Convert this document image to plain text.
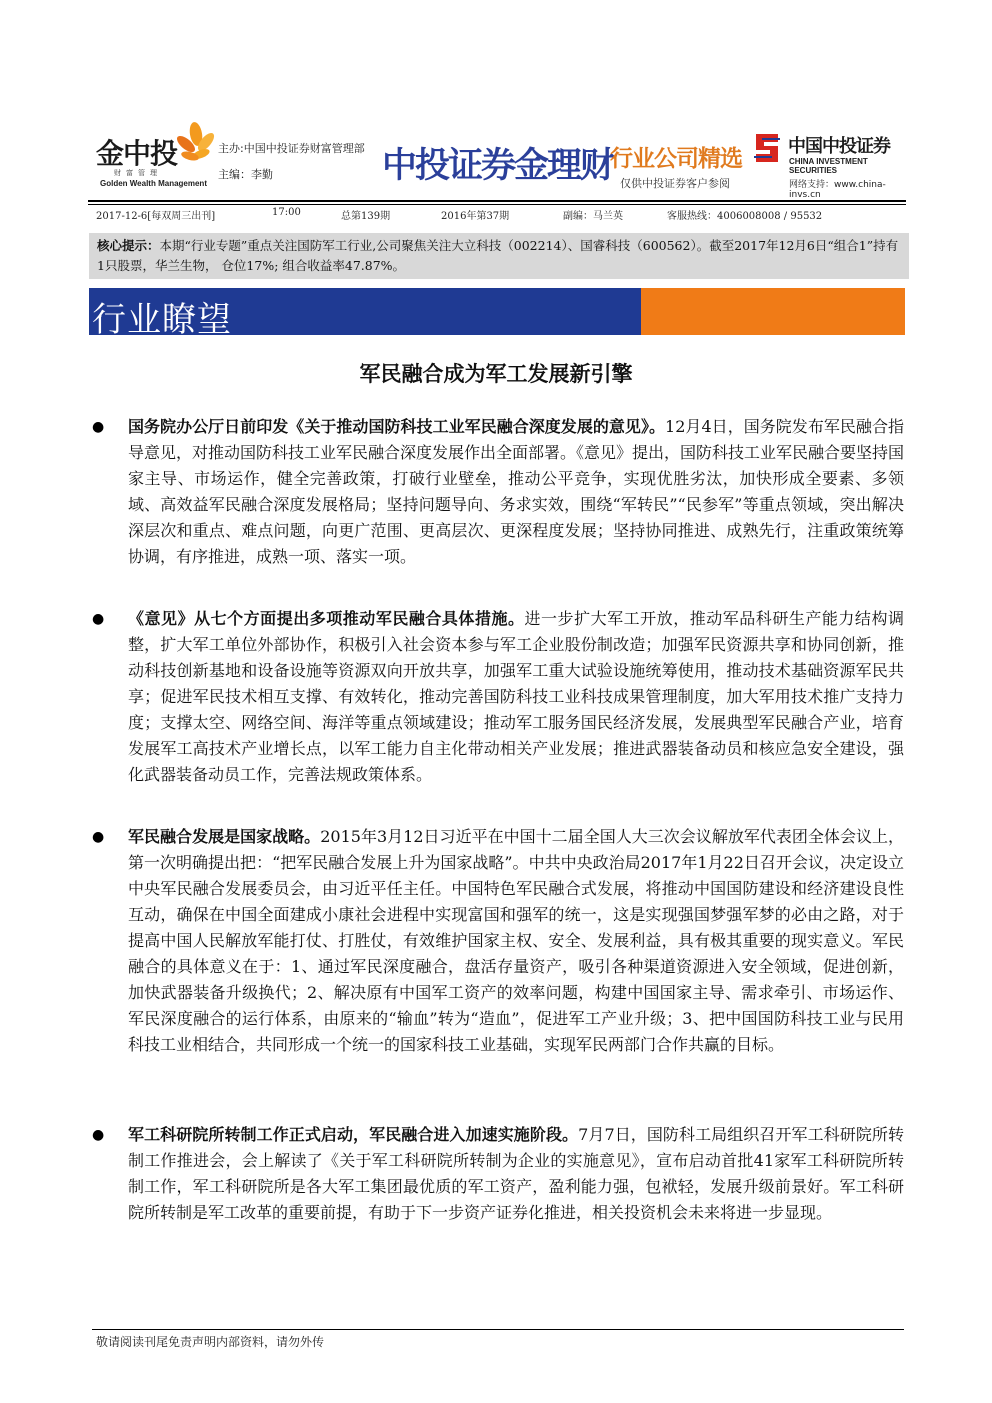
金中投
财富管理
Golden Wealth Management
主办:中国中投证券财富管理部
主编：李勤	中投证券金理财
行业公司精选
仅供中投证券客户参阅
中国中投证券
CHINA INVESTMENT SECURITIES
网络支持：www.china-invs.cn
2017-12-6[每双周三出刊]	17:00	总第139期	2016年第37期	副编：马兰英	客服热线：4006008008 / 95532
核心提示：本期“行业专题”重点关注国防军工行业,公司聚焦关注大立科技（002214）、国睿科技（600562）。截至2017年12月6日“组合1”持有1只股票，华兰生物， 仓位17%; 组合收益率47.87%。
行业瞭望
军民融合成为军工发展新引擎
● 国务院办公厅日前印发《关于推动国防科技工业军民融合深度发展的意见》。12月4日，国务院发布军民融合指导意见，对推动国防科技工业军民融合深度发展作出全面部署。《意见》提出，国防科技工业军民融合要坚持国家主导、市场运作，健全完善政策，打破行业壁垒，推动公平竞争，实现优胜劣汰，加快形成全要素、多领域、高效益军民融合深度发展格局；坚持问题导向、务求实效，围绕“军转民”“民参军”等重点领域，突出解决深层次和重点、难点问题，向更广范围、更高层次、更深程度发展；坚持协同推进、成熟先行，注重政策统筹协调，有序推进，成熟一项、落实一项。
● 《意见》从七个方面提出多项推动军民融合具体措施。进一步扩大军工开放，推动军品科研生产能力结构调整，扩大军工单位外部协作，积极引入社会资本参与军工企业股份制改造；加强军民资源共享和协同创新，推动科技创新基地和设备设施等资源双向开放共享，加强军工重大试验设施统筹使用，推动技术基础资源军民共享；促进军民技术相互支撑、有效转化，推动完善国防科技工业科技成果管理制度，加大军用技术推广支持力度；支撑太空、网络空间、海洋等重点领域建设；推动军工服务国民经济发展，发展典型军民融合产业，培育发展军工高技术产业增长点，以军工能力自主化带动相关产业发展；推进武器装备动员和核应急安全建设，强化武器装备动员工作，完善法规政策体系。
● 军民融合发展是国家战略。2015年3月12日习近平在中国十二届全国人大三次会议解放军代表团全体会议上，第一次明确提出把：“把军民融合发展上升为国家战略”。中共中央政治局2017年1月22日召开会议，决定设立中央军民融合发展委员会，由习近平任主任。中国特色军民融合式发展，将推动中国国防建设和经济建设良性互动，确保在中国全面建成小康社会进程中实现富国和强军的统一，这是实现强国梦强军梦的必由之路，对于提高中国人民解放军能打仗、打胜仗，有效维护国家主权、安全、发展利益，具有极其重要的现实意义。军民融合的具体意义在于：1、通过军民深度融合，盘活存量资产，吸引各种渠道资源进入安全领域，促进创新，加快武器装备升级换代；2、解决原有中国军工资产的效率问题，构建中国国家主导、需求牵引、市场运作、军民深度融合的运行体系，由原来的“输血”转为“造血”，促进军工产业升级；3、把中国国防科技工业与民用科技工业相结合，共同形成一个统一的国家科技工业基础，实现军民两部门合作共赢的目标。
● 军工科研院所转制工作正式启动，军民融合进入加速实施阶段。7月7日，国防科工局组织召开军工科研院所转制工作推进会，会上解读了《关于军工科研院所转制为企业的实施意见》，宣布启动首批41家军工科研院所转制工作，军工科研院所是各大军工集团最优质的军工资产，盈利能力强，包袱轻，发展升级前景好。军工科研院所转制是军工改革的重要前提，有助于下一步资产证券化推进，相关投资机会未来将进一步显现。
敬请阅读刊尾免责声明内部资料，请勿外传
